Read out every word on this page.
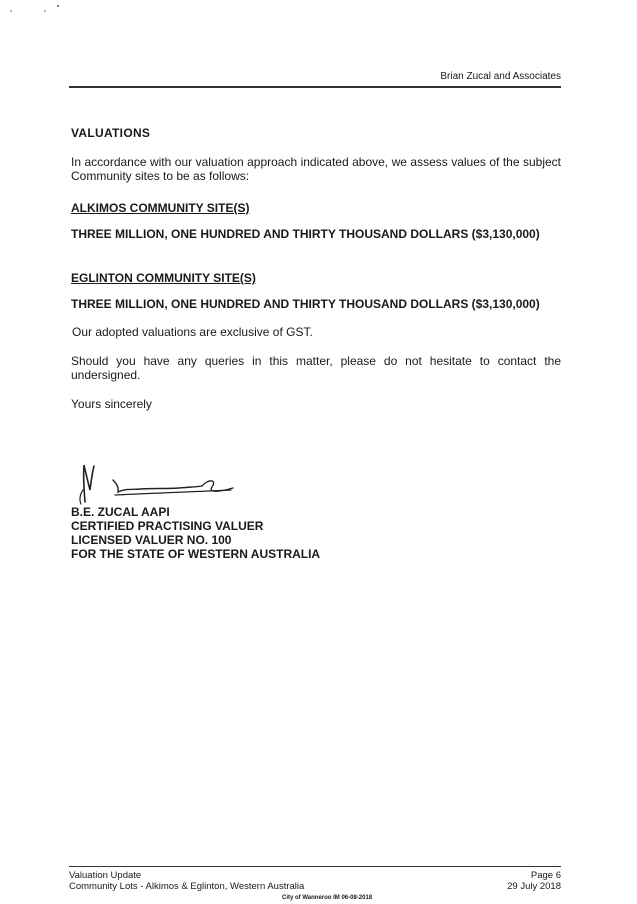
Brian Zucal and Associates
VALUATIONS

In accordance with our valuation approach indicated above, we assess values of the subject Community sites to be as follows:

ALKIMOS COMMUNITY SITE(S)
THREE MILLION, ONE HUNDRED AND THIRTY THOUSAND DOLLARS ($3,130,000)
EGLINTON COMMUNITY SITE(S)
THREE MILLION, ONE HUNDRED AND THIRTY THOUSAND DOLLARS ($3,130,000)

Our adopted valuations are exclusive of GST.

Should you have any queries in this matter, please do not hesitate to contact the undersigned.

Yours sincerely

B.E. ZUCAL AAPI
CERTIFIED PRACTISING VALUER
LICENSED VALUER NO. 100
FOR THE STATE OF WESTERN AUSTRALIA
Valuation Update
Community Lots - Alkimos & Eglinton, Western Australia
Page 6
29 July 2018
City of Wanneroo IM 06-08-2018
